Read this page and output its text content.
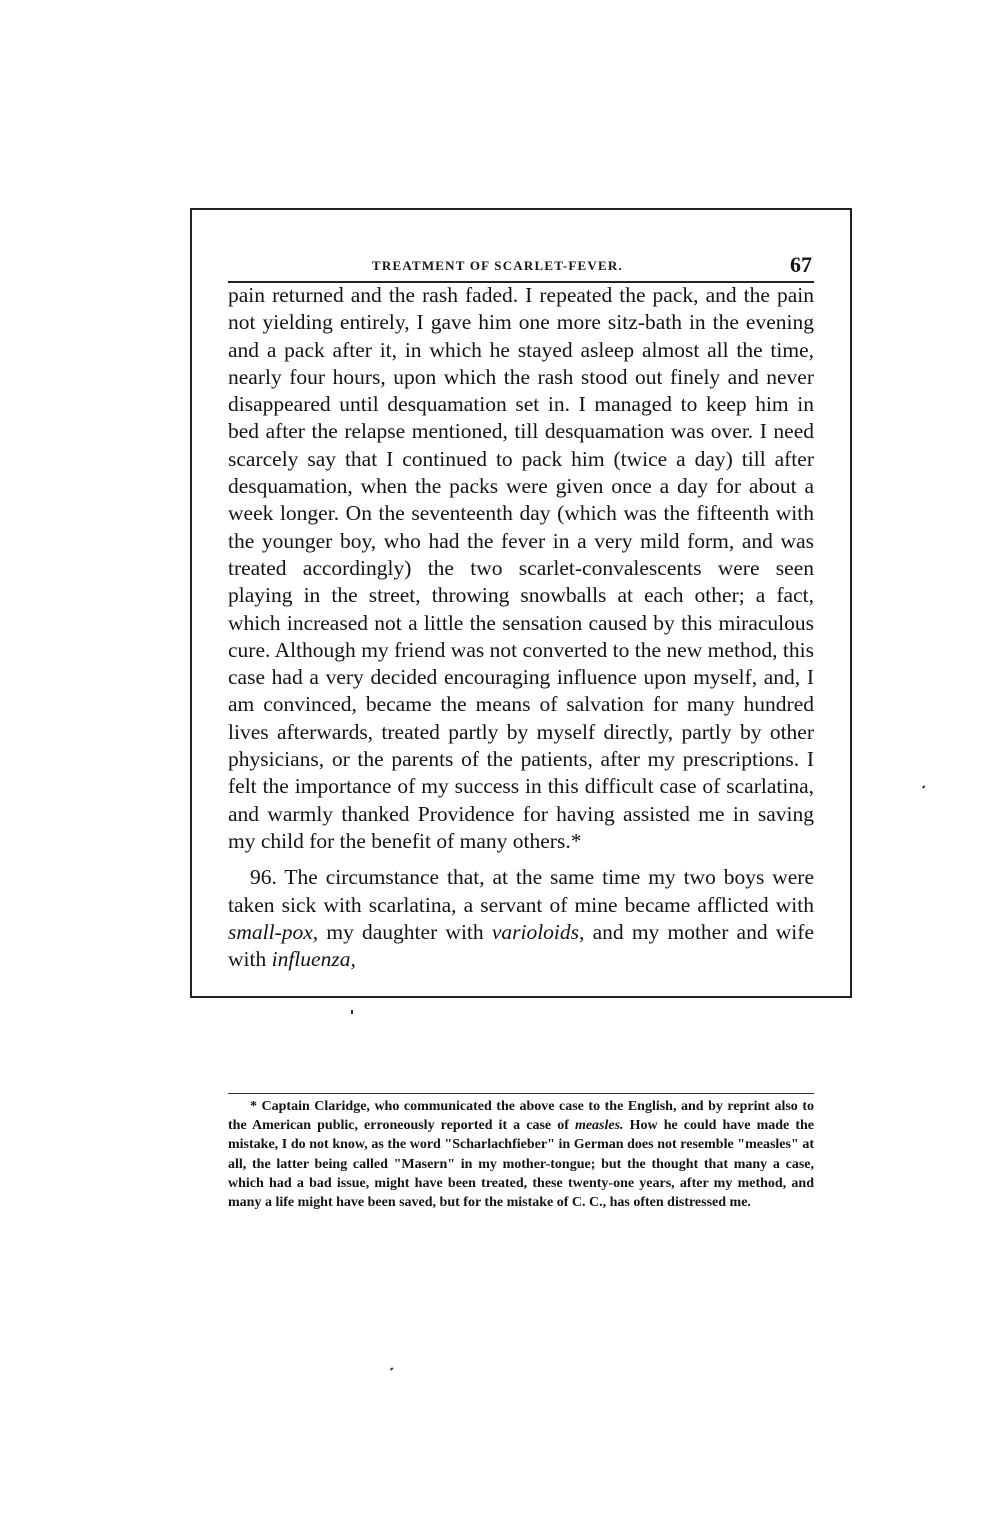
TREATMENT OF SCARLET-FEVER.	67

pain returned and the rash faded. I repeated the pack, and the pain not yielding entirely, I gave him one more sitz-bath in the evening and a pack after it, in which he stayed asleep almost all the time, nearly four hours, upon which the rash stood out finely and never disappeared until desquamation set in. I managed to keep him in bed after the relapse mentioned, till desquamation was over. I need scarcely say that I continued to pack him (twice a day) till after desquamation, when the packs were given once a day for about a week longer. On the seventeenth day (which was the fifteenth with the younger boy, who had the fever in a very mild form, and was treated accordingly) the two scarlet-convalescents were seen playing in the street, throwing snowballs at each other; a fact, which increased not a little the sensation caused by this miraculous cure. Although my friend was not converted to the new method, this case had a very decided encouraging influence upon myself, and, I am convinced, became the means of salvation for many hundred lives afterwards, treated partly by myself directly, partly by other physicians, or the parents of the patients, after my prescriptions. I felt the importance of my success in this difficult case of scarlatina, and warmly thanked Providence for having assisted me in saving my child for the benefit of many others.*

96. The circumstance that, at the same time my two boys were taken sick with scarlatina, a servant of mine became afflicted with small-pox, my daughter with varioloids, and my mother and wife with influenza,

* Captain Claridge, who communicated the above case to the English, and by reprint also to the American public, erroneously reported it a case of measles. How he could have made the mistake, I do not know, as the word "Scharlachfieber" in German does not resemble "measles" at all, the latter being called "Masern" in my mother-tongue; but the thought that many a case, which had a bad issue, might have been treated, these twenty-one years, after my method, and many a life might have been saved, but for the mistake of C. C., has often distressed me.
